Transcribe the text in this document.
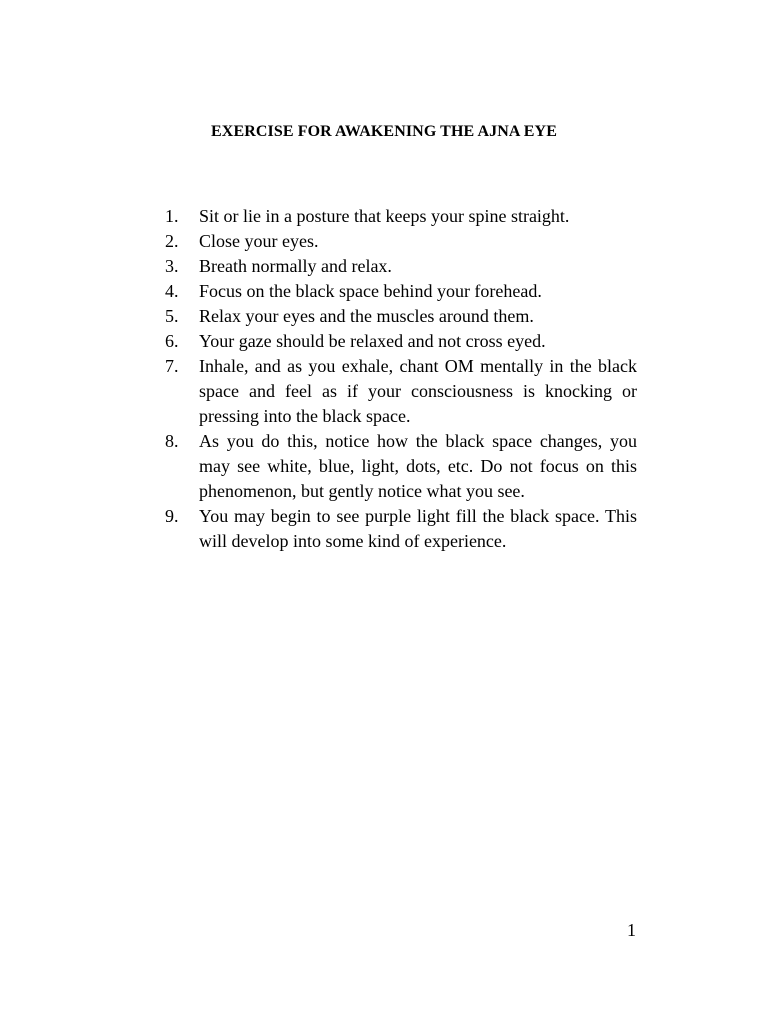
EXERCISE FOR AWAKENING THE AJNA EYE
1. Sit or lie in a posture that keeps your spine straight.
2. Close your eyes.
3. Breath normally and relax.
4. Focus on the black space behind your forehead.
5. Relax your eyes and the muscles around them.
6. Your gaze should be relaxed and not cross eyed.
7. Inhale, and as you exhale, chant OM mentally in the black space and feel as if your consciousness is knocking or pressing into the black space.
8. As you do this, notice how the black space changes, you may see white, blue, light, dots, etc. Do not focus on this phenomenon, but gently notice what you see.
9. You may begin to see purple light fill the black space. This will develop into some kind of experience.
1
